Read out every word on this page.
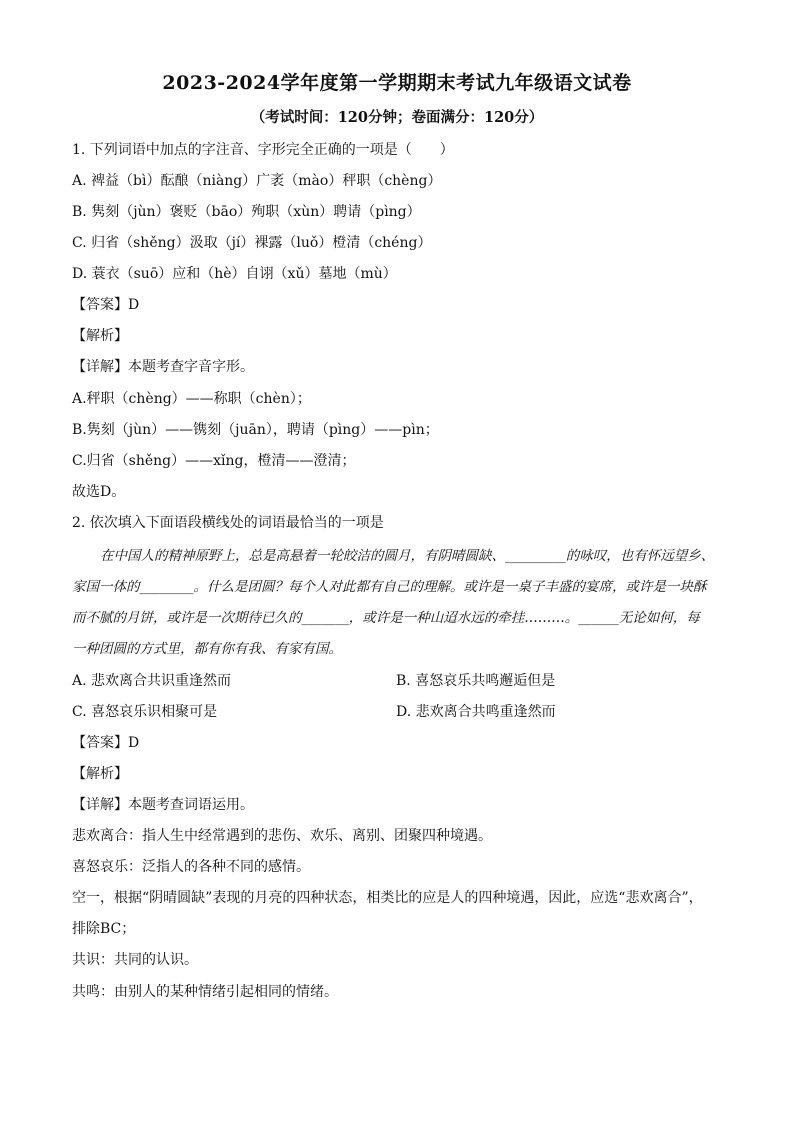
2023-2024学年度第一学期期末考试九年级语文试卷
（考试时间：120分钟；卷面满分：120分）
1. 下列词语中加点的字注音、字形完全正确的一项是（　　）
A. 裨益（bì）酝酿（niàng）广袤（mào）秤职（chèng）
B. 隽刻（jùn）褒贬（bāo）殉职（xùn）聘请（pìng）
C. 归省（shěng）汲取（jí）裸露（luǒ）橙清（chéng）
D. 蓑衣（suō）应和（hè）自诩（xǔ）墓地（mù）
【答案】D
【解析】
【详解】本题考查字音字形。
A.秤职（chèng）——称职（chèn）；
B.隽刻（jùn）——镌刻（juān），聘请（pìng）——pìn；
C.归省（shěng）——xǐng，橙清——澄清；
故选D。
2. 依次填入下面语段横线处的词语最恰当的一项是
在中国人的精神原野上，总是高悬着一轮皎洁的圆月，有阴晴圆缺、_________的咏叹，也有怀远望乡、
家国一体的________。什么是团圆？每个人对此都有自己的理解。或许是一桌子丰盛的宴席，或许是一块酥
而不腻的月饼，或许是一次期待已久的_______，或许是一种山迢水远的牵挂………。______无论如何，每
一种团圆的方式里，都有你有我、有家有国。
A. 悲欢离合共识重逢然而	B. 喜怒哀乐共鸣邂逅但是
C. 喜怒哀乐识相聚可是	D. 悲欢离合共鸣重逢然而
【答案】D
【解析】
【详解】本题考查词语运用。
悲欢离合：指人生中经常遇到的悲伤、欢乐、离别、团聚四种境遇。
喜怒哀乐：泛指人的各种不同的感情。
空一，根据“阴晴圆缺”表现的月亮的四种状态，相类比的应是人的四种境遇，因此，应选“悲欢离合”，
排除BC；
共识：共同的认识。
共鸣：由别人的某种情绪引起相同的情绪。
